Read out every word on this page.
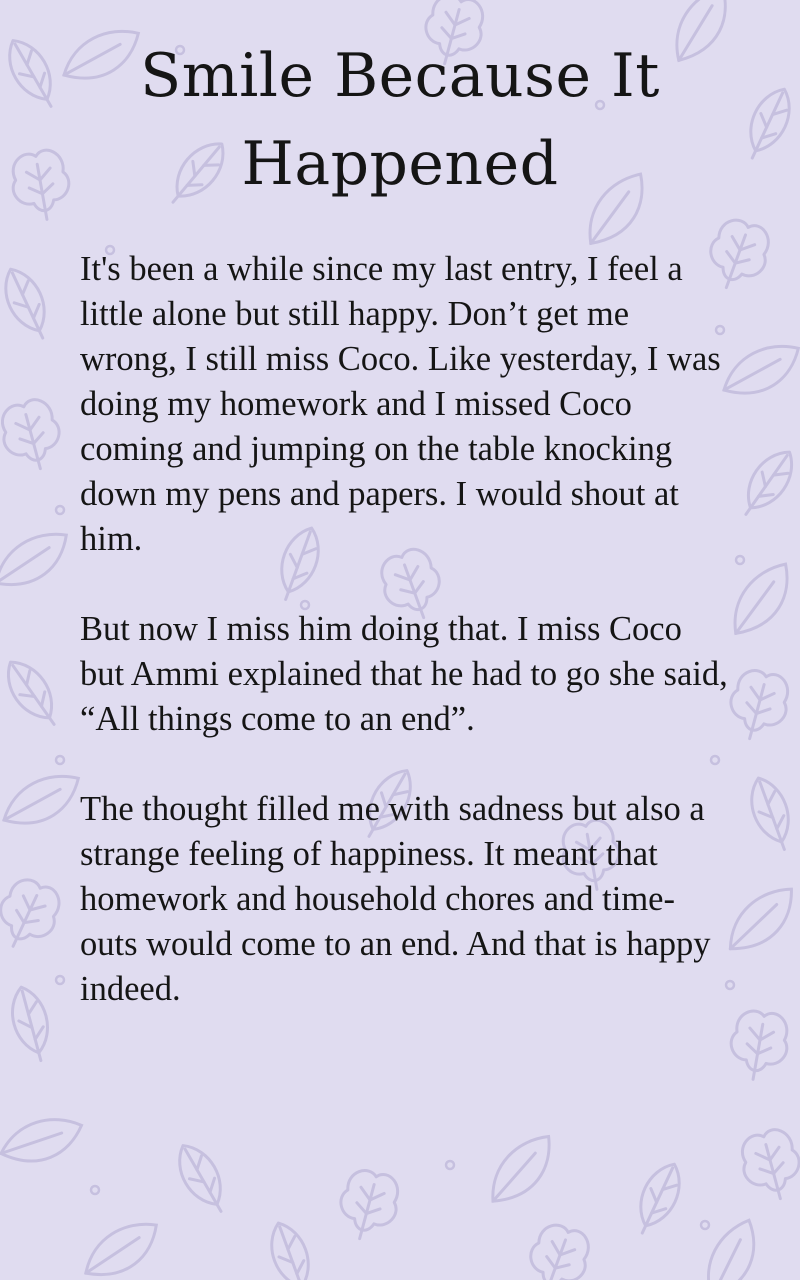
Smile Because It Happened

It's been a while since my last entry, I feel a little alone but still happy. Don’t get me wrong, I still miss Coco. Like yesterday, I was doing my homework and I missed Coco coming and jumping on the table knocking down my pens and papers. I would shout at him.

But now I miss him doing that. I miss Coco but Ammi explained that he had to go she said, “All things come to an end”.

The thought filled me with sadness but also a strange feeling of happiness. It meant that homework and household chores and time-outs would come to an end. And that is happy indeed.
